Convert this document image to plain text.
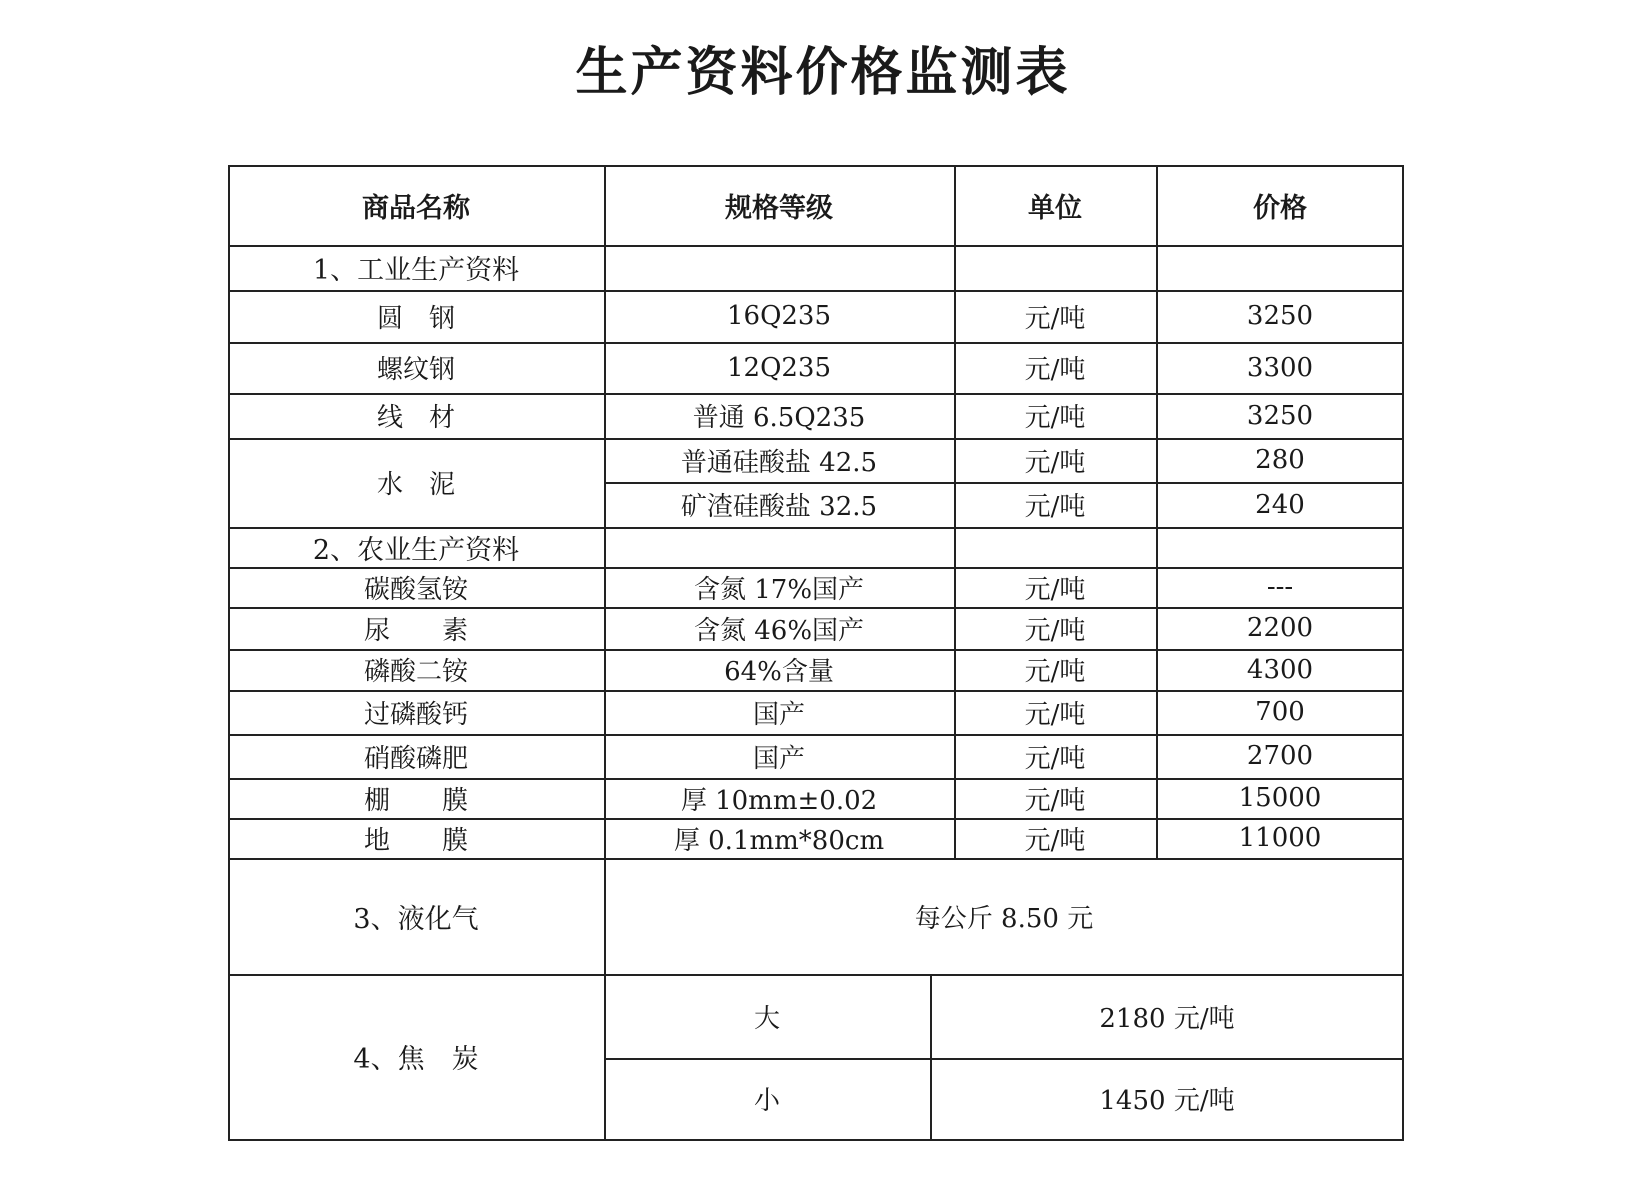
生产资料价格监测表
商品名称	规格等级	单位	价格
1、工业生产资料
圆　钢	16Q235	元/吨	3250
螺纹钢	12Q235	元/吨	3300
线　材	普通 6.5Q235	元/吨	3250
水　泥
普通硅酸盐 42.5	元/吨	280
矿渣硅酸盐 32.5	元/吨	240
2、农业生产资料
碳酸氢铵	含氮 17%国产	元/吨	---
尿　　素	含氮 46%国产	元/吨	2200
磷酸二铵	64%含量	元/吨	4300
过磷酸钙	国产	元/吨	700
硝酸磷肥	国产	元/吨	2700
棚　　膜	厚 10mm±0.02	元/吨	15000
地　　膜	厚 0.1mm*80cm	元/吨	11000
3、液化气	每公斤 8.50 元
4、焦　炭
大	2180 元/吨
小	1450 元/吨
